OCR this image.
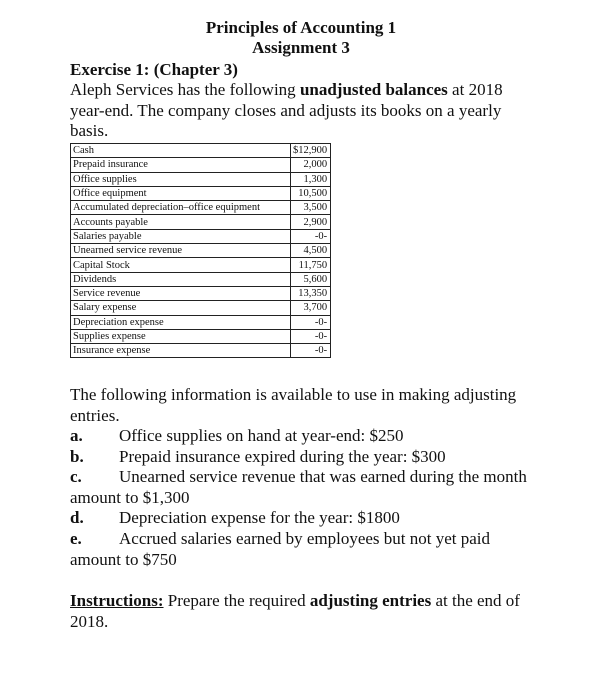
Principles of Accounting 1
Assignment 3
Exercise 1: (Chapter 3)
Aleph Services has the following unadjusted balances at 2018 year-end. The company closes and adjusts its books on a yearly basis.
Cash	$12,900
Prepaid insurance	2,000
Office supplies	1,300
Office equipment	10,500
Accumulated depreciation–office equipment	3,500
Accounts payable	2,900
Salaries payable	-0-
Unearned service revenue	4,500
Capital Stock	11,750
Dividends	5,600
Service revenue	13,350
Salary expense	3,700
Depreciation expense	-0-
Supplies expense	-0-
Insurance expense	-0-
The following information is available to use in making adjusting entries.
a. Office supplies on hand at year-end: $250
b. Prepaid insurance expired during the year: $300
c. Unearned service revenue that was earned during the month amount to $1,300
d. Depreciation expense for the year: $1800
e. Accrued salaries earned by employees but not yet paid amount to $750
Instructions: Prepare the required adjusting entries at the end of 2018.
